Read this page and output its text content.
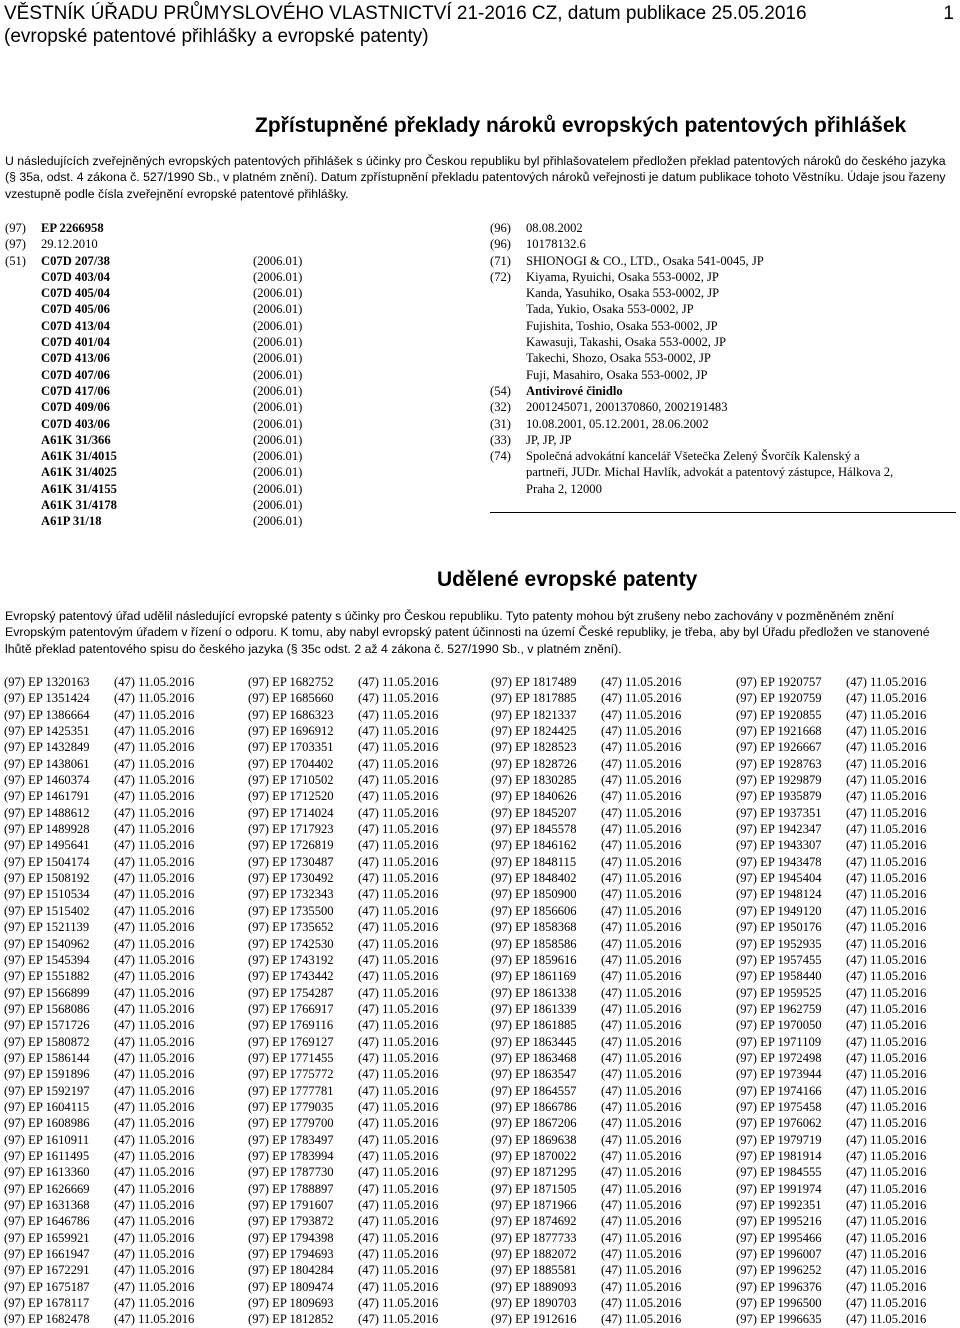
VĚSTNÍK ÚŘADU PRŮMYSLOVÉHO VLASTNICTVÍ 21-2016 CZ, datum publikace 25.05.2016
(evropské patentové přihlášky a evropské patenty)
1
Zpřístupněné překlady nároků evropských patentových přihlášek
U následujících zveřejněných evropských patentových přihlášek s účinky pro Českou republiku byl přihlašovatelem předložen překlad patentových nároků do českého jazyka (§ 35a, odst. 4 zákona č. 527/1990 Sb., v platném znění). Datum zpřístupnění překladu patentových nároků veřejnosti je datum publikace tohoto Věstníku. Údaje jsou řazeny vzestupně podle čísla zveřejnění evropské patentové přihlášky.
(97) EP 2266958
(97) 29.12.2010
(51)	C07D 207/38	(2006.01)
C07D 403/04	(2006.01)
C07D 405/04	(2006.01)
C07D 405/06	(2006.01)
C07D 413/04	(2006.01)
C07D 401/04	(2006.01)
C07D 413/06	(2006.01)
C07D 407/06	(2006.01)
C07D 417/06	(2006.01)
C07D 409/06	(2006.01)
C07D 403/06	(2006.01)
A61K 31/366	(2006.01)
A61K 31/4015	(2006.01)
A61K 31/4025	(2006.01)
A61K 31/4155	(2006.01)
A61K 31/4178	(2006.01)
A61P 31/18	(2006.01)
(96) 08.08.2002
(96) 10178132.6
(71) SHIONOGI & CO., LTD., Osaka 541-0045, JP
(72)	Kiyama, Ryuichi, Osaka 553-0002, JP
Kanda, Yasuhiko, Osaka 553-0002, JP
Tada, Yukio, Osaka 553-0002, JP
Fujishita, Toshio, Osaka 553-0002, JP
Kawasuji, Takashi, Osaka 553-0002, JP
Takechi, Shozo, Osaka 553-0002, JP
Fuji, Masahiro, Osaka 553-0002, JP
(54) Antivirové činidlo
(32) 2001245071, 2001370860, 2002191483
(31) 10.08.2001, 05.12.2001, 28.06.2002
(33) JP, JP, JP
(74)	Společná advokátní kancelář Všetečka Zelený Švorčík Kalenský a
partneři, JUDr. Michal Havlík, advokát a patentový zástupce, Hálkova 2,
Praha 2, 12000
Udělené evropské patenty
Evropský patentový úřad udělil následující evropské patenty s účinky pro Českou republiku. Tyto patenty mohou být zrušeny nebo zachovány v pozměněném znění Evropským patentovým úřadem v řízení o odporu. K tomu, aby nabyl evropský patent účinnosti na území České republiky, je třeba, aby byl Úřadu předložen ve stanovené lhůtě překlad patentového spisu do českého jazyka (§ 35c odst. 2 až 4 zákona č. 527/1990 Sb., v platném znění).
(97) EP 1320163 (47) 11.05.2016
(97) EP 1351424 (47) 11.05.2016
(97) EP 1386664 (47) 11.05.2016
(97) EP 1425351 (47) 11.05.2016
(97) EP 1432849 (47) 11.05.2016
(97) EP 1438061 (47) 11.05.2016
(97) EP 1460374 (47) 11.05.2016
(97) EP 1461791 (47) 11.05.2016
(97) EP 1488612 (47) 11.05.2016
(97) EP 1489928 (47) 11.05.2016
(97) EP 1495641 (47) 11.05.2016
(97) EP 1504174 (47) 11.05.2016
(97) EP 1508192 (47) 11.05.2016
(97) EP 1510534 (47) 11.05.2016
(97) EP 1515402 (47) 11.05.2016
(97) EP 1521139 (47) 11.05.2016
(97) EP 1540962 (47) 11.05.2016
(97) EP 1545394 (47) 11.05.2016
(97) EP 1551882 (47) 11.05.2016
(97) EP 1566899 (47) 11.05.2016
(97) EP 1568086 (47) 11.05.2016
(97) EP 1571726 (47) 11.05.2016
(97) EP 1580872 (47) 11.05.2016
(97) EP 1586144 (47) 11.05.2016
(97) EP 1591896 (47) 11.05.2016
(97) EP 1592197 (47) 11.05.2016
(97) EP 1604115 (47) 11.05.2016
(97) EP 1608986 (47) 11.05.2016
(97) EP 1610911 (47) 11.05.2016
(97) EP 1611495 (47) 11.05.2016
(97) EP 1613360 (47) 11.05.2016
(97) EP 1626669 (47) 11.05.2016
(97) EP 1631368 (47) 11.05.2016
(97) EP 1646786 (47) 11.05.2016
(97) EP 1659921 (47) 11.05.2016
(97) EP 1661947 (47) 11.05.2016
(97) EP 1672291 (47) 11.05.2016
(97) EP 1675187 (47) 11.05.2016
(97) EP 1678117 (47) 11.05.2016
(97) EP 1682478 (47) 11.05.2016
(97) EP 1682752 (47) 11.05.2016
(97) EP 1685660 (47) 11.05.2016
(97) EP 1686323 (47) 11.05.2016
(97) EP 1696912 (47) 11.05.2016
(97) EP 1703351 (47) 11.05.2016
(97) EP 1704402 (47) 11.05.2016
(97) EP 1710502 (47) 11.05.2016
(97) EP 1712520 (47) 11.05.2016
(97) EP 1714024 (47) 11.05.2016
(97) EP 1717923 (47) 11.05.2016
(97) EP 1726819 (47) 11.05.2016
(97) EP 1730487 (47) 11.05.2016
(97) EP 1730492 (47) 11.05.2016
(97) EP 1732343 (47) 11.05.2016
(97) EP 1735500 (47) 11.05.2016
(97) EP 1735652 (47) 11.05.2016
(97) EP 1742530 (47) 11.05.2016
(97) EP 1743192 (47) 11.05.2016
(97) EP 1743442 (47) 11.05.2016
(97) EP 1754287 (47) 11.05.2016
(97) EP 1766917 (47) 11.05.2016
(97) EP 1769116 (47) 11.05.2016
(97) EP 1769127 (47) 11.05.2016
(97) EP 1771455 (47) 11.05.2016
(97) EP 1775772 (47) 11.05.2016
(97) EP 1777781 (47) 11.05.2016
(97) EP 1779035 (47) 11.05.2016
(97) EP 1779700 (47) 11.05.2016
(97) EP 1783497 (47) 11.05.2016
(97) EP 1783994 (47) 11.05.2016
(97) EP 1787730 (47) 11.05.2016
(97) EP 1788897 (47) 11.05.2016
(97) EP 1791607 (47) 11.05.2016
(97) EP 1793872 (47) 11.05.2016
(97) EP 1794398 (47) 11.05.2016
(97) EP 1794693 (47) 11.05.2016
(97) EP 1804284 (47) 11.05.2016
(97) EP 1809474 (47) 11.05.2016
(97) EP 1809693 (47) 11.05.2016
(97) EP 1812852 (47) 11.05.2016
(97) EP 1817489 (47) 11.05.2016
(97) EP 1817885 (47) 11.05.2016
(97) EP 1821337 (47) 11.05.2016
(97) EP 1824425 (47) 11.05.2016
(97) EP 1828523 (47) 11.05.2016
(97) EP 1828726 (47) 11.05.2016
(97) EP 1830285 (47) 11.05.2016
(97) EP 1840626 (47) 11.05.2016
(97) EP 1845207 (47) 11.05.2016
(97) EP 1845578 (47) 11.05.2016
(97) EP 1846162 (47) 11.05.2016
(97) EP 1848115 (47) 11.05.2016
(97) EP 1848402 (47) 11.05.2016
(97) EP 1850900 (47) 11.05.2016
(97) EP 1856606 (47) 11.05.2016
(97) EP 1858368 (47) 11.05.2016
(97) EP 1858586 (47) 11.05.2016
(97) EP 1859616 (47) 11.05.2016
(97) EP 1861169 (47) 11.05.2016
(97) EP 1861338 (47) 11.05.2016
(97) EP 1861339 (47) 11.05.2016
(97) EP 1861885 (47) 11.05.2016
(97) EP 1863445 (47) 11.05.2016
(97) EP 1863468 (47) 11.05.2016
(97) EP 1863547 (47) 11.05.2016
(97) EP 1864557 (47) 11.05.2016
(97) EP 1866786 (47) 11.05.2016
(97) EP 1867206 (47) 11.05.2016
(97) EP 1869638 (47) 11.05.2016
(97) EP 1870022 (47) 11.05.2016
(97) EP 1871295 (47) 11.05.2016
(97) EP 1871505 (47) 11.05.2016
(97) EP 1871966 (47) 11.05.2016
(97) EP 1874692 (47) 11.05.2016
(97) EP 1877733 (47) 11.05.2016
(97) EP 1882072 (47) 11.05.2016
(97) EP 1885581 (47) 11.05.2016
(97) EP 1889093 (47) 11.05.2016
(97) EP 1890703 (47) 11.05.2016
(97) EP 1912616 (47) 11.05.2016
(97) EP 1920757 (47) 11.05.2016
(97) EP 1920759 (47) 11.05.2016
(97) EP 1920855 (47) 11.05.2016
(97) EP 1921668 (47) 11.05.2016
(97) EP 1926667 (47) 11.05.2016
(97) EP 1928763 (47) 11.05.2016
(97) EP 1929879 (47) 11.05.2016
(97) EP 1935879 (47) 11.05.2016
(97) EP 1937351 (47) 11.05.2016
(97) EP 1942347 (47) 11.05.2016
(97) EP 1943307 (47) 11.05.2016
(97) EP 1943478 (47) 11.05.2016
(97) EP 1945404 (47) 11.05.2016
(97) EP 1948124 (47) 11.05.2016
(97) EP 1949120 (47) 11.05.2016
(97) EP 1950176 (47) 11.05.2016
(97) EP 1952935 (47) 11.05.2016
(97) EP 1957455 (47) 11.05.2016
(97) EP 1958440 (47) 11.05.2016
(97) EP 1959525 (47) 11.05.2016
(97) EP 1962759 (47) 11.05.2016
(97) EP 1970050 (47) 11.05.2016
(97) EP 1971109 (47) 11.05.2016
(97) EP 1972498 (47) 11.05.2016
(97) EP 1973944 (47) 11.05.2016
(97) EP 1974166 (47) 11.05.2016
(97) EP 1975458 (47) 11.05.2016
(97) EP 1976062 (47) 11.05.2016
(97) EP 1979719 (47) 11.05.2016
(97) EP 1981914 (47) 11.05.2016
(97) EP 1984555 (47) 11.05.2016
(97) EP 1991974 (47) 11.05.2016
(97) EP 1992351 (47) 11.05.2016
(97) EP 1995216 (47) 11.05.2016
(97) EP 1995466 (47) 11.05.2016
(97) EP 1996007 (47) 11.05.2016
(97) EP 1996252 (47) 11.05.2016
(97) EP 1996376 (47) 11.05.2016
(97) EP 1996500 (47) 11.05.2016
(97) EP 1996635 (47) 11.05.2016
